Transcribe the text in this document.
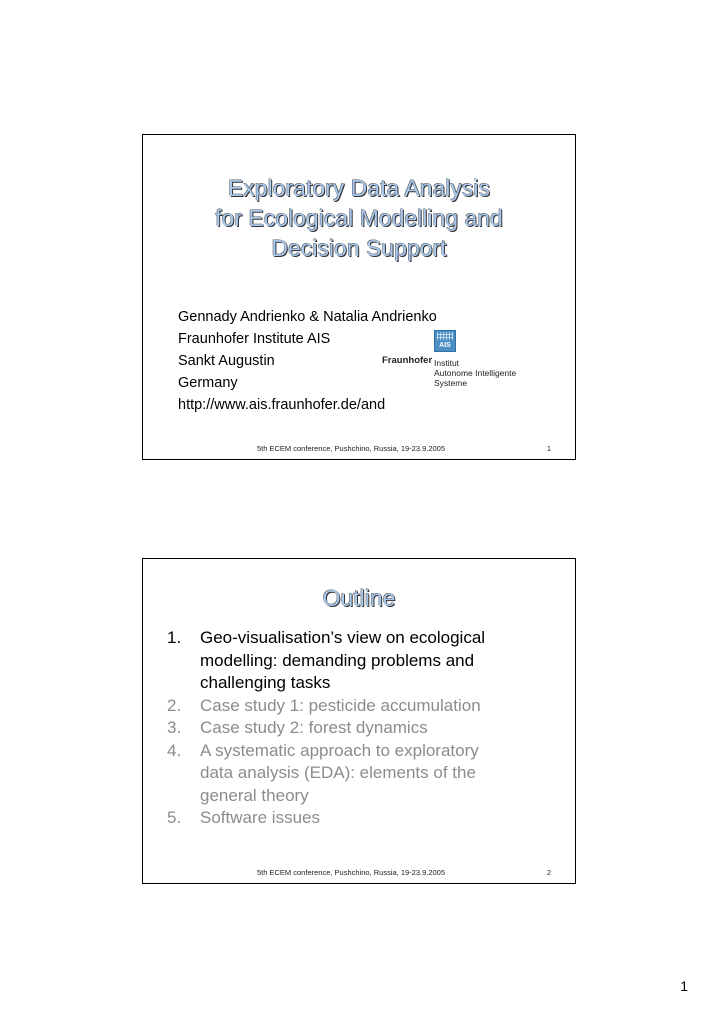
Exploratory Data Analysis
for Ecological Modelling and
Decision Support
Gennady Andrienko & Natalia Andrienko
Fraunhofer Institute AIS
Sankt Augustin
Germany
http://www.ais.fraunhofer.de/and
AIS
Fraunhofer Institut
Autonome Intelligente
Systeme
5th ECEM conference, Pushchino, Russia, 19-23.9.2005	1
Outline
1.	Geo-visualisation’s view on ecological
modelling: demanding problems and
challenging tasks
2.	Case study 1: pesticide accumulation
3.	Case study 2: forest dynamics
4.	A systematic approach to exploratory
data analysis (EDA): elements of the
general theory
5.	Software issues
5th ECEM conference, Pushchino, Russia, 19-23.9.2005	2
1
